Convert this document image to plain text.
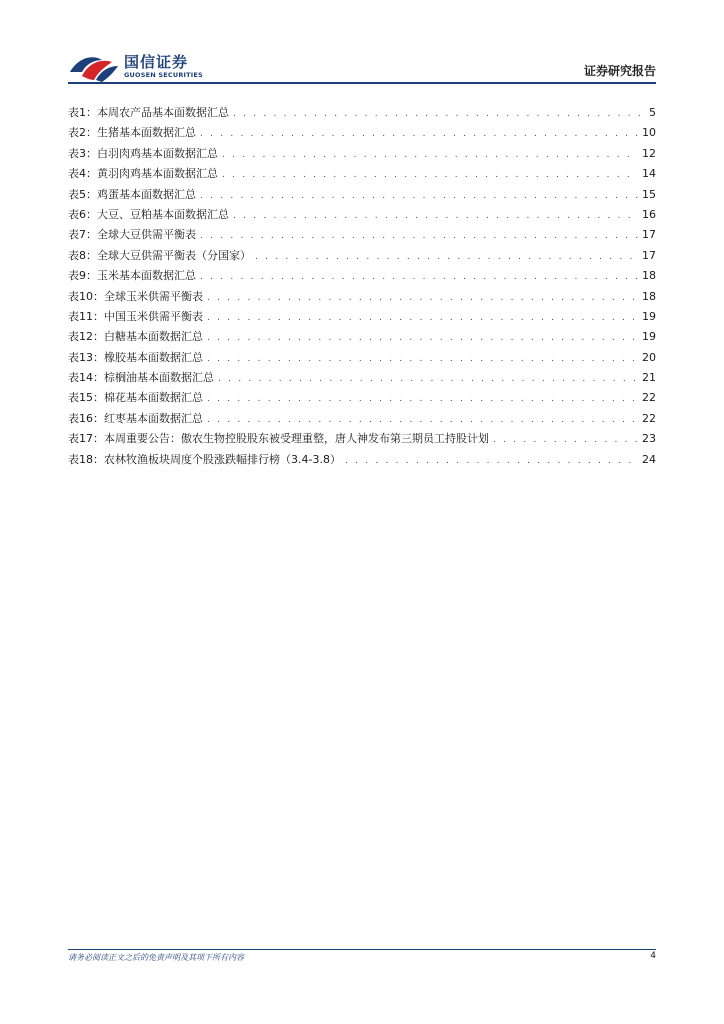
国信证券
GUOSEN SECURITIES	证券研究报告
表1： 本周农产品基本面数据汇总 . . .	5
表2： 生猪基本面数据汇总 . . .	10
表3： 白羽肉鸡基本面数据汇总 . . .	12
表4： 黄羽肉鸡基本面数据汇总 . . .	14
表5： 鸡蛋基本面数据汇总 . . .	15
表6： 大豆、豆粕基本面数据汇总 . . .	16
表7： 全球大豆供需平衡表 . . .	17
表8： 全球大豆供需平衡表（分国家） . . .	17
表9： 玉米基本面数据汇总 . . .	18
表10： 全球玉米供需平衡表 . . .	18
表11： 中国玉米供需平衡表 . . .	19
表12： 白糖基本面数据汇总 . . .	19
表13： 橡胶基本面数据汇总 . . .	20
表14： 棕榈油基本面数据汇总 . . .	21
表15： 棉花基本面数据汇总 . . .	22
表16： 红枣基本面数据汇总 . . .	22
表17： 本周重要公告：傲农生物控股股东被受理重整，唐人神发布第三期员工持股计划 . . .	23
表18： 农林牧渔板块周度个股涨跌幅排行榜（3.4-3.8） . . .	24
请务必阅读正文之后的免责声明及其项下所有内容	4
